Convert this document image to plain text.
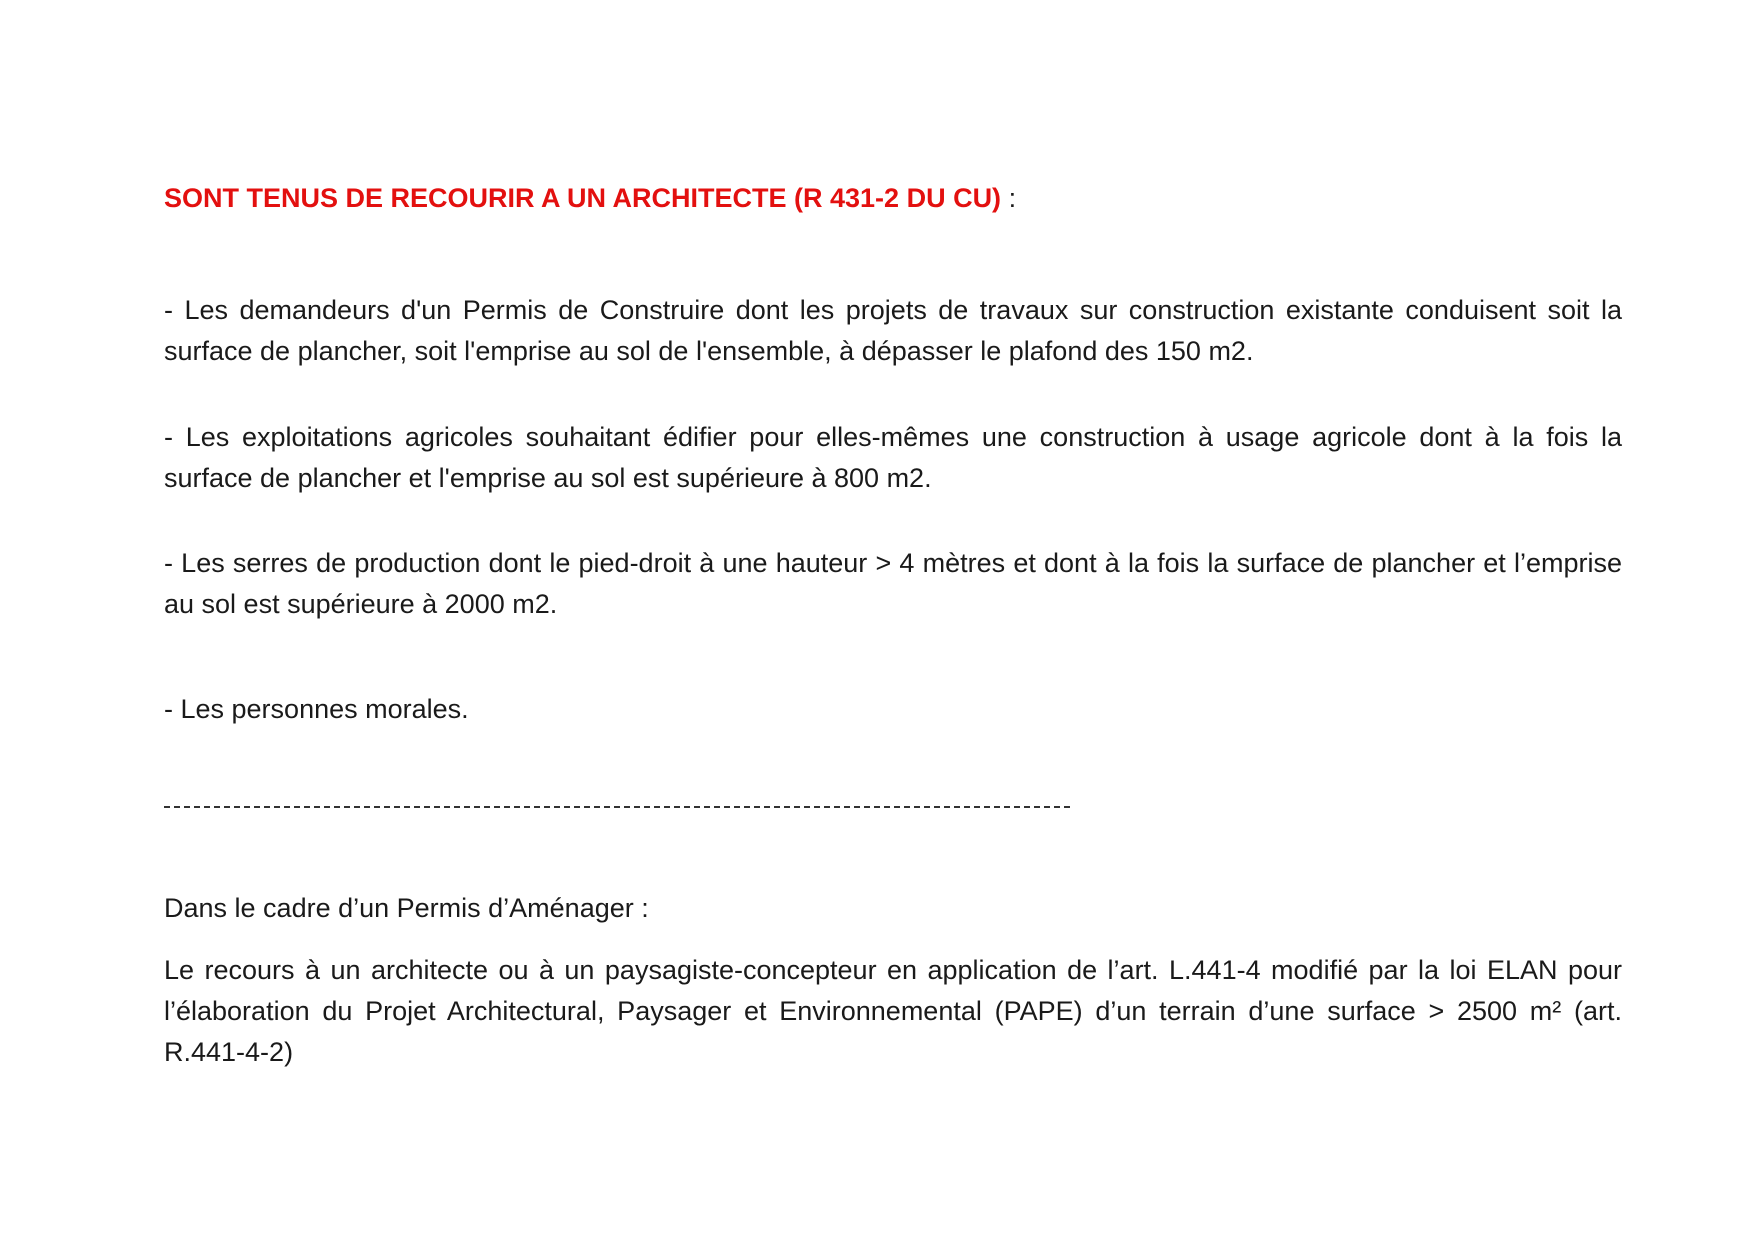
SONT TENUS DE RECOURIR A UN ARCHITECTE (R 431-2 DU CU) :
- Les demandeurs d'un Permis de Construire dont les projets de travaux sur construction existante conduisent soit la surface de plancher, soit l'emprise au sol de l'ensemble, à dépasser le plafond des 150 m2.
- Les exploitations agricoles souhaitant édifier pour elles-mêmes une construction à usage agricole dont à la fois la surface de plancher et l'emprise au sol est supérieure à 800 m2.
- Les serres de production dont le pied-droit à une hauteur > 4 mètres et dont à la fois la surface de plancher et l’emprise au sol est supérieure à 2000 m2.
- Les personnes morales.
Dans le cadre d’un Permis d’Aménager :
Le recours à un architecte ou à un paysagiste-concepteur en application de l’art. L.441-4 modifié par la loi ELAN pour l’élaboration du Projet Architectural, Paysager et Environnemental (PAPE) d’un terrain d’une surface > 2500 m² (art. R.441-4-2)
